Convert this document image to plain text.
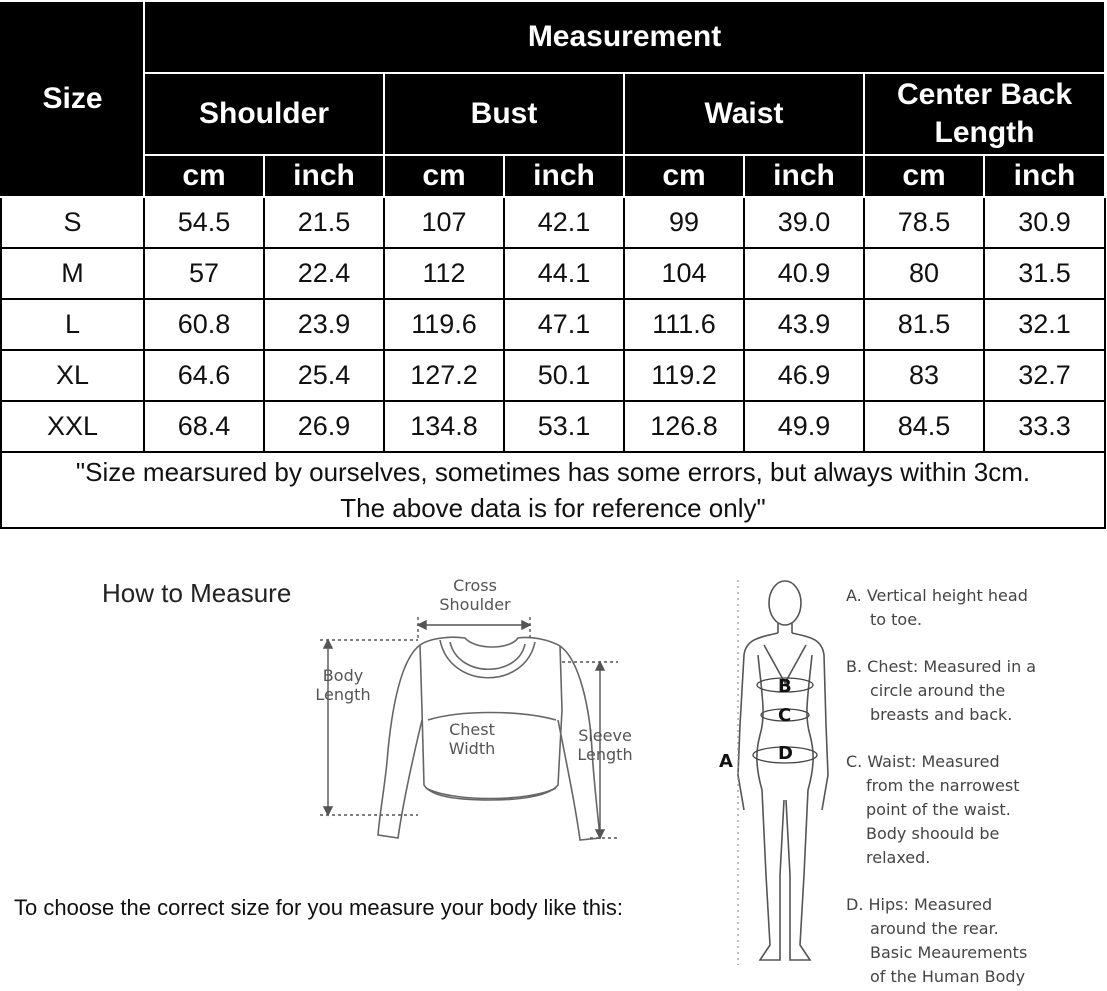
Size	Measurement							
	Shoulder		Bust		Waist		Center Back Length	
	cm	inch	cm	inch	cm	inch	cm	inch
S	54.5	21.5	107	42.1	99	39.0	78.5	30.9
M	57	22.4	112	44.1	104	40.9	80	31.5
L	60.8	23.9	119.6	47.1	111.6	43.9	81.5	32.1
XL	64.6	25.4	127.2	50.1	119.2	46.9	83	32.7
XXL	68.4	26.9	134.8	53.1	126.8	49.9	84.5	33.3

"Size mearsured by ourselves, sometimes has some errors, but always within 3cm.
The above data is for reference only"								
How to Measure	Cross Shoulder
Body Length
Chest Width
Sleeve Length	A
B
C
D
A. Vertical height head
to toe.
B. Chest: Measured in a
circle around the
breasts and back.
C. Waist: Measured
from the narrowest
point of the waist.
Body shoould be
relaxed.
D. Hips: Measured
around the rear.
Basic Meaurements
of the Human Body
To choose the correct size for you measure your body like this:
